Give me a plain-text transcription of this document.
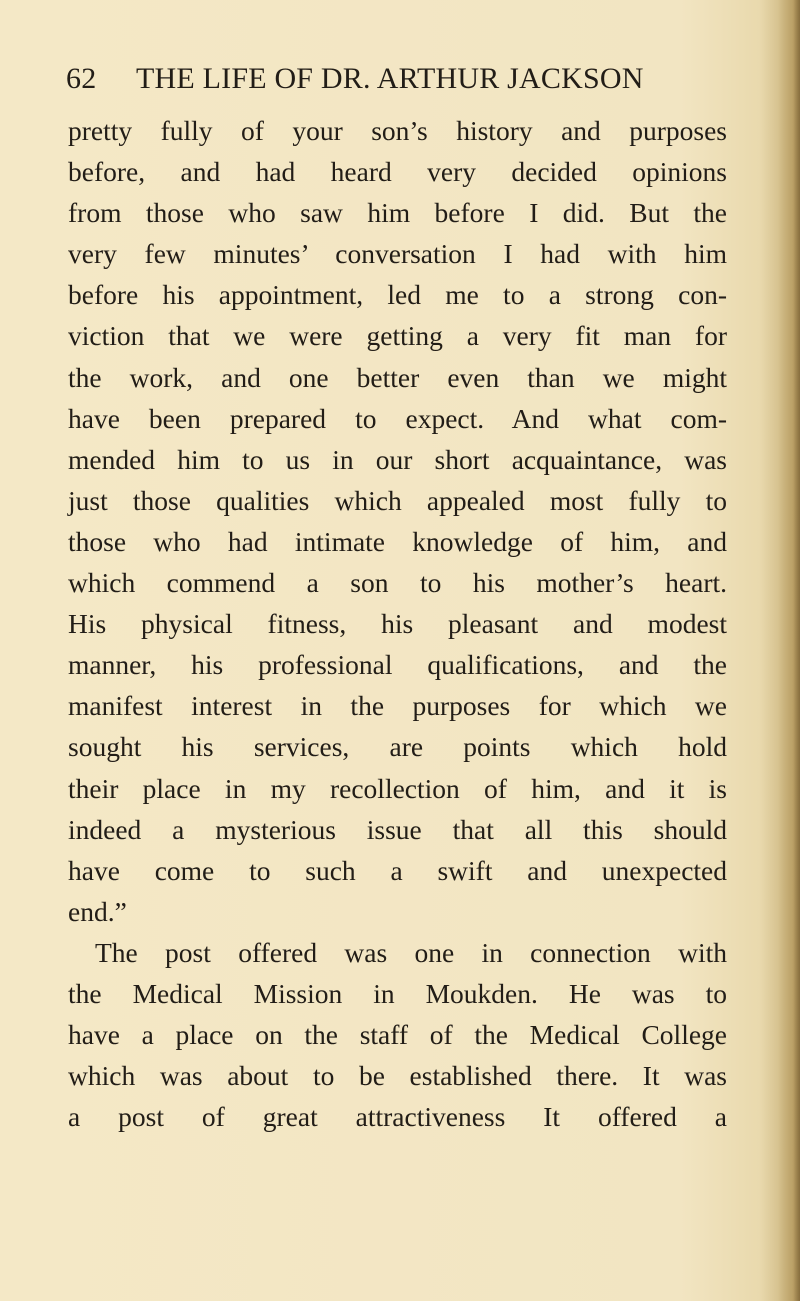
62 THE LIFE OF DR. ARTHUR JACKSON
pretty fully of your son’s history and purposes
before, and had heard very decided opinions
from those who saw him before I did. But the
very few minutes’ conversation I had with him
before his appointment, led me to a strong con-
viction that we were getting a very fit man for
the work, and one better even than we might
have been prepared to expect. And what com-
mended him to us in our short acquaintance, was
just those qualities which appealed most fully to
those who had intimate knowledge of him, and
which commend a son to his mother’s heart.
His physical fitness, his pleasant and modest
manner, his professional qualifications, and the
manifest interest in the purposes for which we
sought his services, are points which hold
their place in my recollection of him, and it is
indeed a mysterious issue that all this should
have come to such a swift and unexpected
end.”
The post offered was one in connection with
the Medical Mission in Moukden. He was to
have a place on the staff of the Medical College
which was about to be established there. It was
a post of great attractiveness It offered a
